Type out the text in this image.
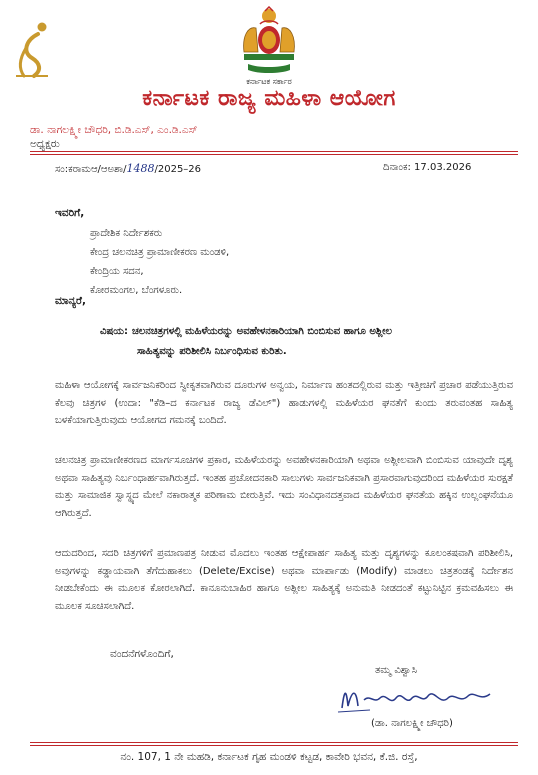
ಕರ್ನಾಟಕ ಸರ್ಕಾರ
ಕರ್ನಾಟಕ ರಾಜ್ಯ ಮಹಿಳಾ ಆಯೋಗ
ಡಾ. ನಾಗಲಕ್ಷ್ಮೀ ಚೌಧರಿ, ಬಿ.ಡಿ.ಎಸ್, ಎಂ.ಡಿ.ಎಸ್
ಅಧ್ಯಕ್ಷರು
ಸಂ:ಕರಾಮಆ/ಆಅಶಾ/1488/2025–26	ದಿನಾಂಕ: 17.03.2026
ಇವರಿಗೆ,
ಪ್ರಾದೇಶಿಕ ನಿರ್ದೇಶಕರು
ಕೇಂದ್ರ ಚಲನಚಿತ್ರ ಪ್ರಾಮಾಣೀಕರಣ ಮಂಡಳಿ,
ಕೇಂದ್ರಿಯ ಸದನ,
ಕೋರಮಂಗಲ, ಬೆಂಗಳೂರು.
ಮಾನ್ಯರೆ,
ವಿಷಯ: ಚಲನಚಿತ್ರಗಳಲ್ಲಿ ಮಹಿಳೆಯರನ್ನು ಅವಹೇಳನಕಾರಿಯಾಗಿ ಬಿಂಬಿಸುವ ಹಾಗೂ ಅಶ್ಲೀಲ
ಸಾಹಿತ್ಯವನ್ನು ಪರಿಶೀಲಿಸಿ ನಿರ್ಬಂಧಿಸುವ ಕುರಿತು.
ಮಹಿಳಾ ಆಯೋಗಕ್ಕೆ ಸಾರ್ವಜನಿಕರಿಂದ ಸ್ವೀಕೃತವಾಗಿರುವ ದೂರುಗಳ ಅನ್ವಯ, ನಿರ್ಮಾಣ ಹಂತದಲ್ಲಿರುವ ಮತ್ತು ಇತ್ತೀಚಿಗೆ ಪ್ರಚಾರ ಪಡೆಯುತ್ತಿರುವ ಕೆಲವು ಚಿತ್ರಗಳ (ಉದಾ: "ಕೆಡಿ–ದ ಕರ್ನಾಟಕ ರಾಜ್ಯ ಡೆವಿಲ್") ಹಾಡುಗಳಲ್ಲಿ ಮಹಿಳೆಯರ ಘನತೆಗೆ ಕುಂದು ತರುವಂತಹ ಸಾಹಿತ್ಯ ಬಳಕೆಯಾಗುತ್ತಿರುವುದು ಆಯೋಗದ ಗಮನಕ್ಕೆ ಬಂದಿದೆ.
ಚಲನಚಿತ್ರ ಪ್ರಾಮಾಣೀಕರಣದ ಮಾರ್ಗಸೂಚಿಗಳ ಪ್ರಕಾರ, ಮಹಿಳೆಯರನ್ನು ಅವಹೇಳನಕಾರಿಯಾಗಿ ಅಥವಾ ಅಶ್ಲೀಲವಾಗಿ ಬಿಂಬಿಸುವ ಯಾವುದೇ ದೃಶ್ಯ ಅಥವಾ ಸಾಹಿತ್ಯವು ನಿರ್ಬಂಧಾರ್ಹವಾಗಿರುತ್ತದೆ. ಇಂತಹ ಪ್ರಚೋದನಕಾರಿ ಸಾಲುಗಳು ಸಾರ್ವಜನಿಕವಾಗಿ ಪ್ರಸಾರವಾಗುವುದರಿಂದ ಮಹಿಳೆಯರ ಸುರಕ್ಷತೆ ಮತ್ತು ಸಾಮಾಜಿಕ ಸ್ವಾಸ್ಥ್ಯದ ಮೇಲೆ ನಕಾರಾತ್ಮಕ ಪರಿಣಾಮ ಬೀರುತ್ತಿವೆ. ಇದು ಸಂವಿಧಾನದತ್ತವಾದ ಮಹಿಳೆಯರ ಘನತೆಯ ಹಕ್ಕಿನ ಉಲ್ಲಂಘನೆಯೂ ಆಗಿರುತ್ತದೆ.
ಆದುದರಿಂದ, ಸದರಿ ಚಿತ್ರಗಳಿಗೆ ಪ್ರಮಾಣಪತ್ರ ನೀಡುವ ಮೊದಲು ಇಂತಹ ಆಕ್ಷೇಪಾರ್ಹ ಸಾಹಿತ್ಯ ಮತ್ತು ದೃಶ್ಯಗಳನ್ನು ಕೂಲಂಕಷವಾಗಿ ಪರಿಶೀಲಿಸಿ, ಅವುಗಳನ್ನು ಕಡ್ಡಾಯವಾಗಿ ತೆಗೆದುಹಾಕಲು (Delete/Excise) ಅಥವಾ ಮಾರ್ಪಾಡು (Modify) ಮಾಡಲು ಚಿತ್ರತಂಡಕ್ಕೆ ನಿರ್ದೇಶನ ನೀಡಬೇಕೆಂದು ಈ ಮೂಲಕ ಕೋರಲಾಗಿದೆ. ಕಾನೂನುಬಾಹಿರ ಹಾಗೂ ಅಶ್ಲೀಲ ಸಾಹಿತ್ಯಕ್ಕೆ ಅನುಮತಿ ನೀಡದಂತೆ ಕಟ್ಟುನಿಟ್ಟಿನ ಕ್ರಮವಹಿಸಲು ಈ ಮೂಲಕ ಸೂಚಿಸಲಾಗಿದೆ.
ವಂದನೆಗಳೊಂದಿಗೆ,
ತಮ್ಮ ವಿಶ್ವಾಸಿ
(ಡಾ. ನಾಗಲಕ್ಷ್ಮೀ ಚೌಧರಿ)
ನಂ. 107, 1 ನೇ ಮಹಡಿ, ಕರ್ನಾಟಕ ಗೃಹ ಮಂಡಳಿ ಕಟ್ಟಡ, ಕಾವೇರಿ ಭವನ, ಕೆ.ಜಿ. ರಸ್ತೆ,
